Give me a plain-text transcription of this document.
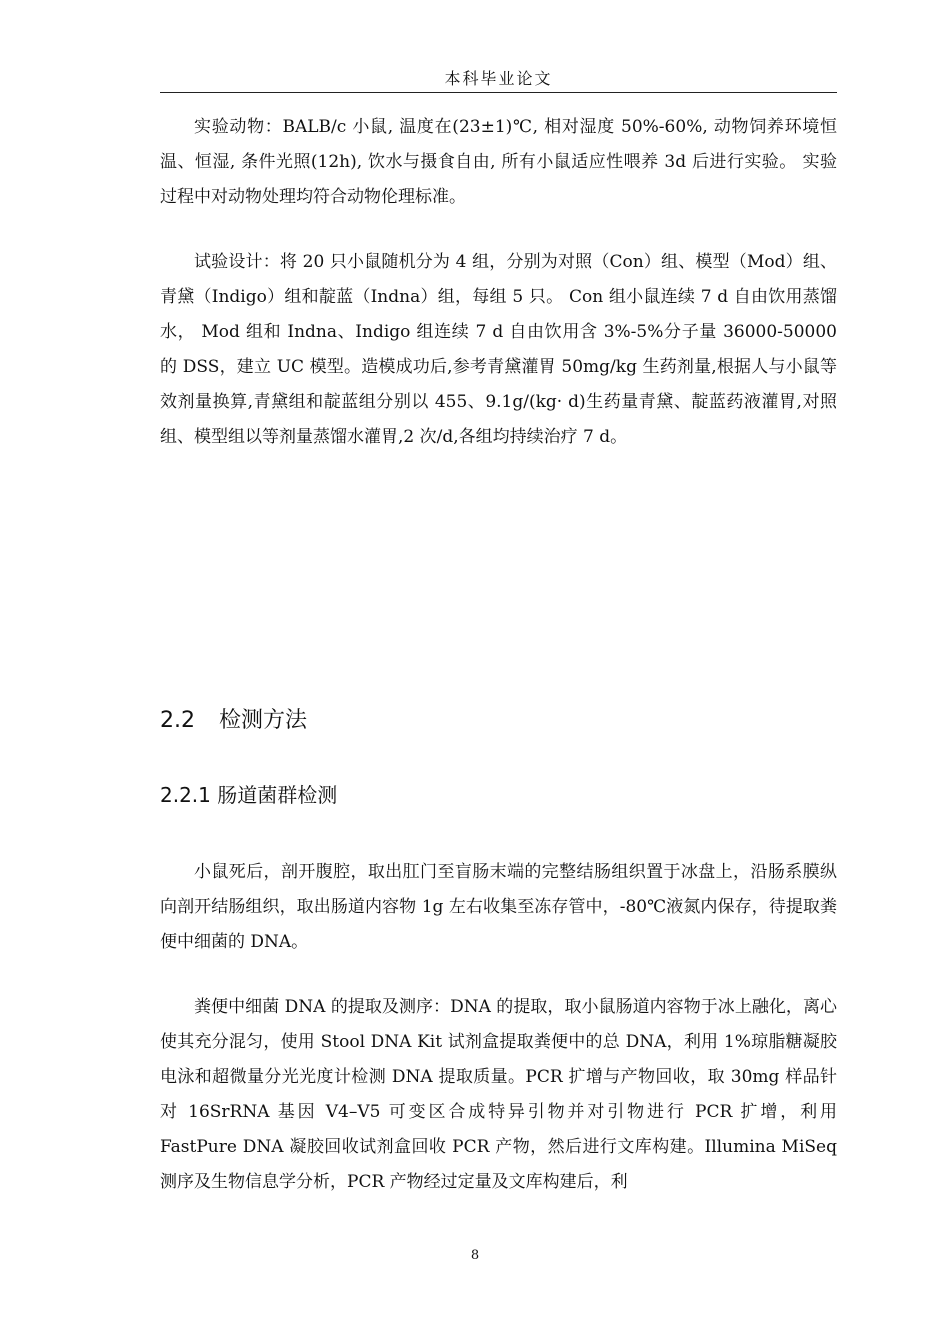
本科毕业论文

实验动物：BALB/c 小鼠, 温度在(23±1)℃, 相对湿度 50%-60%, 动物饲养环境恒温、恒湿, 条件光照(12h), 饮水与摄食自由, 所有小鼠适应性喂养 3d 后进行实验。 实验过程中对动物处理均符合动物伦理标准。

试验设计：将 20 只小鼠随机分为 4 组，分别为对照（Con）组、模型（Mod）组、青黛（Indigo）组和靛蓝（Indna）组，每组 5 只。 Con 组小鼠连续 7 d 自由饮用蒸馏水， Mod 组和 Indna、Indigo 组连续 7 d 自由饮用含 3%-5%分子量 36000-50000 的 DSS，建立 UC 模型。造模成功后,参考青黛灌胃 50mg/kg 生药剂量,根据人与小鼠等效剂量换算,青黛组和靛蓝组分别以 455、9.1g/(kg· d)生药量青黛、靛蓝药液灌胃,对照组、模型组以等剂量蒸馏水灌胃,2 次/d,各组均持续治疗 7 d。

2.2 检测方法
2.2.1 肠道菌群检测

小鼠死后，剖开腹腔，取出肛门至盲肠末端的完整结肠组织置于冰盘上，沿肠系膜纵向剖开结肠组织，取出肠道内容物 1g 左右收集至冻存管中，-80℃液氮内保存，待提取粪便中细菌的 DNA。

粪便中细菌 DNA 的提取及测序：DNA 的提取，取小鼠肠道内容物于冰上融化，离心使其充分混匀，使用 Stool DNA Kit 试剂盒提取粪便中的总 DNA，利用 1%琼脂糖凝胶电泳和超微量分光光度计检测 DNA 提取质量。PCR 扩增与产物回收，取 30mg 样品针对 16SrRNA 基因 V4–V5 可变区合成特异引物并对引物进行 PCR 扩增，利用 FastPure DNA 凝胶回收试剂盒回收 PCR 产物，然后进行文库构建。Illumina MiSeq 测序及生物信息学分析，PCR 产物经过定量及文库构建后，利

8
